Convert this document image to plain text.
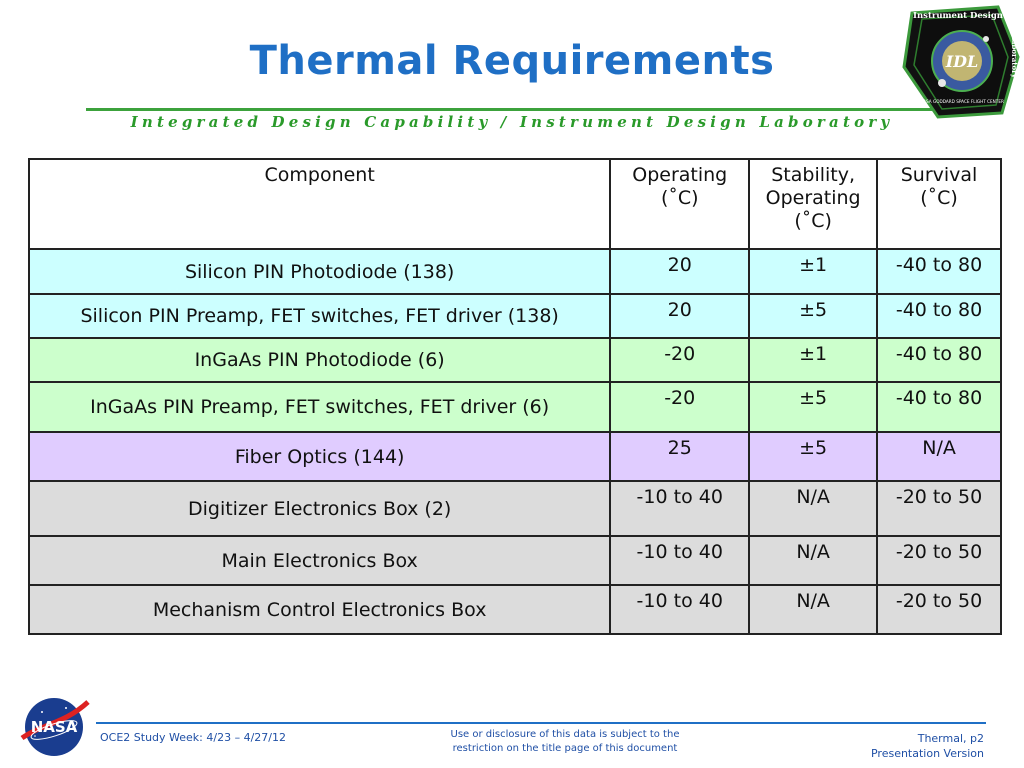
Thermal Requirements
Integrated Design Capability / Instrument Design Laboratory
IDL
Instrument Design
Laboratory
NASA GODDARD SPACE FLIGHT CENTER
Component	Operating (˚C)	Stability, Operating (˚C)	Survival (˚C)
Silicon PIN Photodiode (138)	20	±1	-40 to 80
Silicon PIN Preamp, FET switches, FET driver (138)	20	±5	-40 to 80
InGaAs PIN Photodiode (6)	-20	±1	-40 to 80
InGaAs PIN Preamp, FET switches, FET driver (6)	-20	±5	-40 to 80
Fiber Optics (144)	25	±5	N/A
Digitizer Electronics Box (2)	-10 to 40	N/A	-20 to 50
Main Electronics Box	-10 to 40	N/A	-20 to 50
Mechanism Control Electronics Box	-10 to 40	N/A	-20 to 50
NASA
OCE2 Study Week: 4/23 – 4/27/12	Use or disclosure of this data is subject to the
restriction on the title page of this document
Thermal, p2
Presentation Version
